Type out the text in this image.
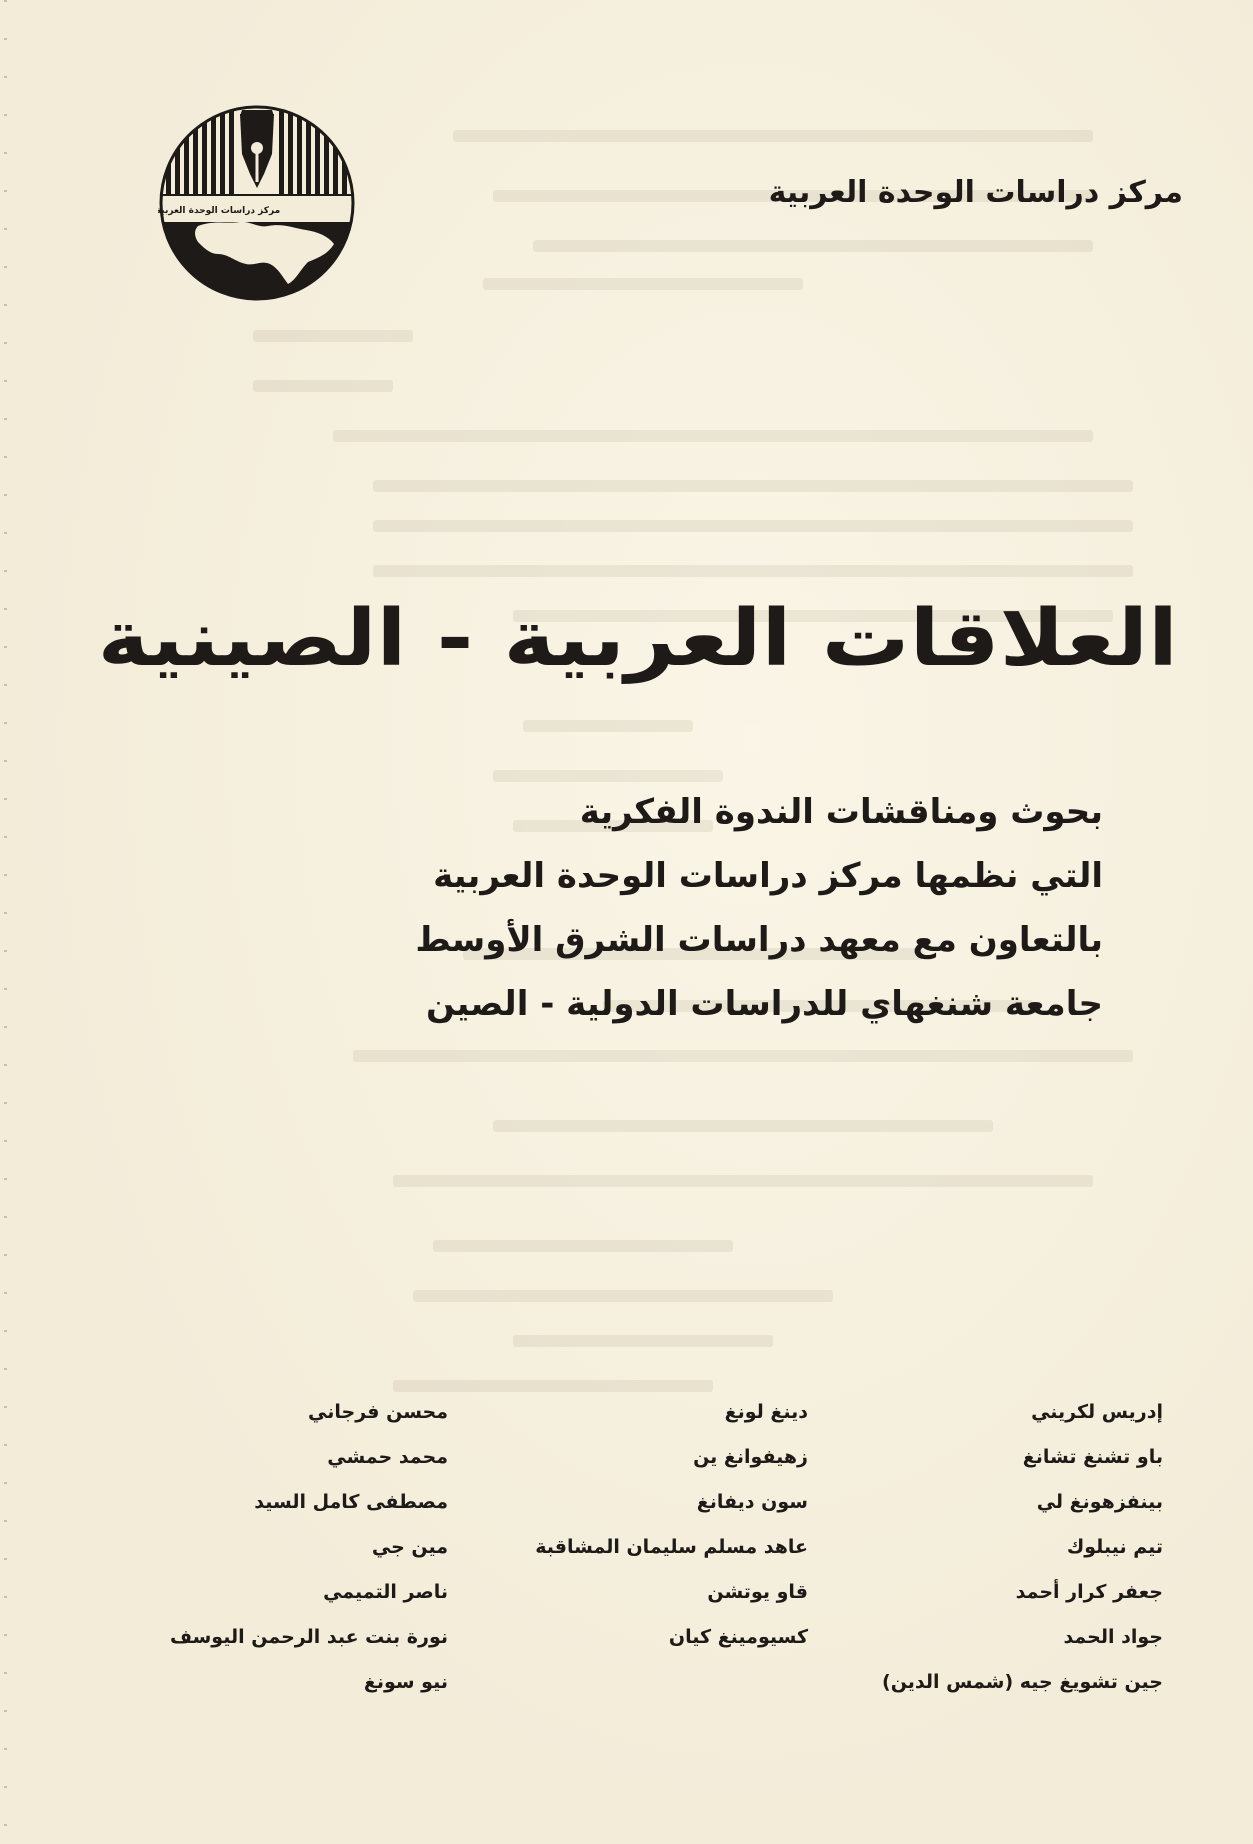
مركز دراسات الوحدة العربية
مركز دراسات الوحدة العربية
العلاقات العربية - الصينية
بحوث ومناقشات الندوة الفكرية
التي نظمها مركز دراسات الوحدة العربية
بالتعاون مع معهد دراسات الشرق الأوسط
جامعة شنغهاي للدراسات الدولية - الصين
إدريس لكريني
باو تشنغ تشانغ
بينفزهونغ لي
تيم نيبلوك
جعفر كرار أحمد
جواد الحمد
جين تشويغ جيه (شمس الدين)
دينغ لونغ
زهيفوانغ ين
سون ديفانغ
عاهد مسلم سليمان المشاقبة
قاو يوتشن
كسيومينغ كيان
محسن فرجاني
محمد حمشي
مصطفى كامل السيد
مين جي
ناصر التميمي
نورة بنت عبد الرحمن اليوسف
نيو سونغ
